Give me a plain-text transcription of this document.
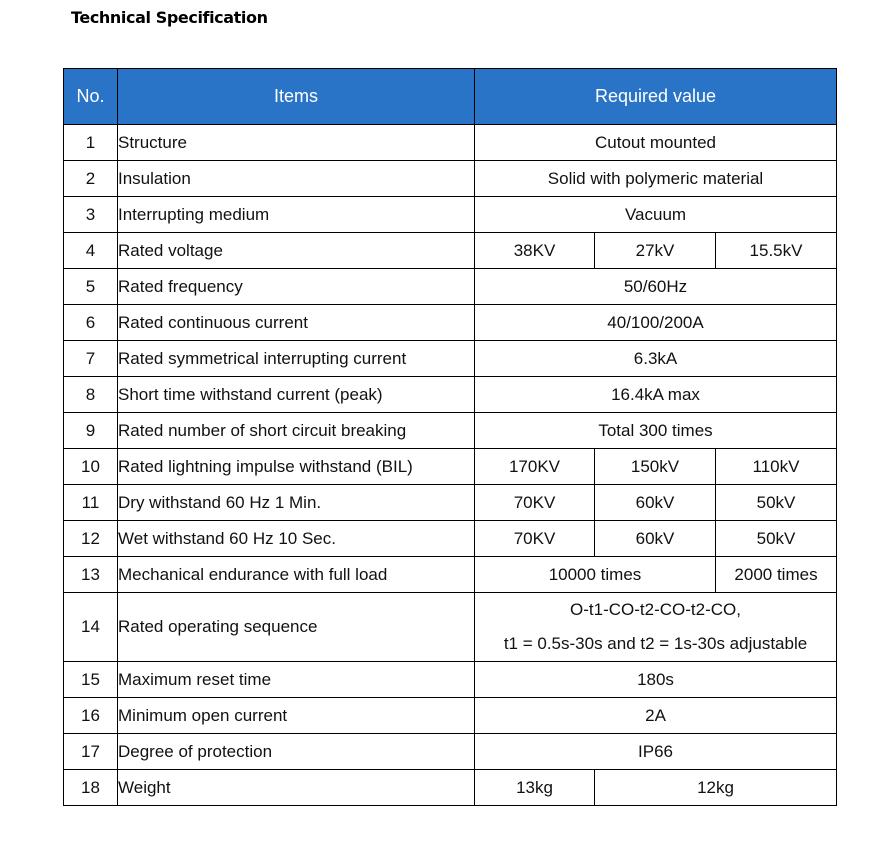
Technical Specification
No.	Items	Required value		
1	Structure	Cutout mounted		
2	Insulation	Solid with polymeric material		
3	Interrupting medium	Vacuum		
4	Rated voltage	38KV	27kV	15.5kV
5	Rated frequency	50/60Hz		
6	Rated continuous current	40/100/200A		
7	Rated symmetrical interrupting current	6.3kA		
8	Short time withstand current (peak)	16.4kA max		
9	Rated number of short circuit breaking	Total 300 times		
10	Rated lightning impulse withstand (BIL)	170KV	150kV	110kV
11	Dry withstand 60 Hz 1 Min.	70KV	60kV	50kV
12	Wet withstand 60 Hz 10 Sec.	70KV	60kV	50kV
13	Mechanical endurance with full load	10000 times		2000 times
14	Rated operating sequence	O-t1-CO-t2-CO-t2-CO,
t1 = 0.5s-30s and t2 = 1s-30s adjustable		

15	Maximum reset time	180s		
16	Minimum open current	2A		
17	Degree of protection	IP66		
18	Weight	13kg	12kg	
